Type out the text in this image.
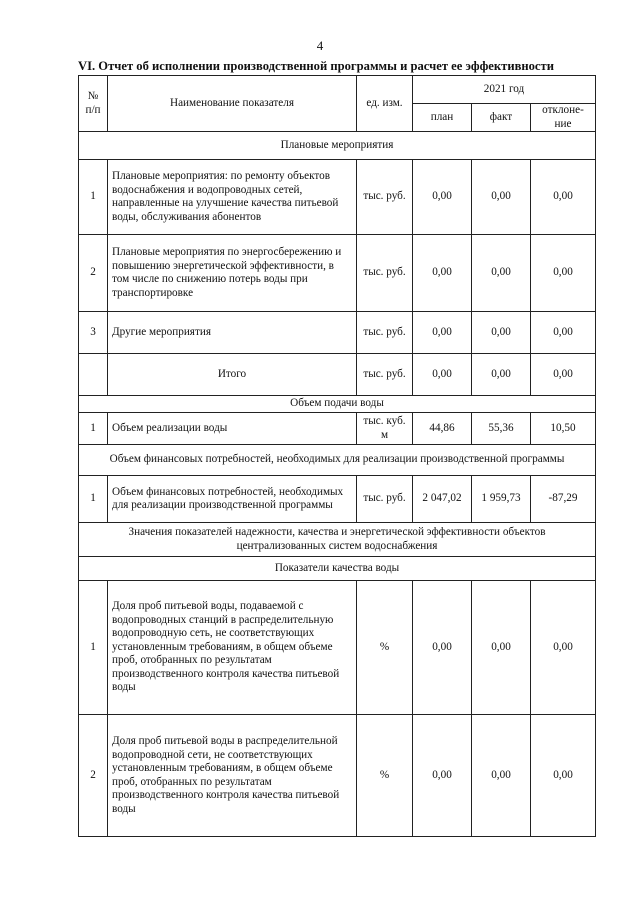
4
VI. Отчет об исполнении производственной программы и расчет ее эффективности
№ п/п	Наименование показателя	ед. изм.	2021 год		
			план	факт	отклоне-ние
Плановые мероприятия					
1	Плановые мероприятия: по ремонту объектов водоснабжения и водопроводных сетей, направленные на улучшение качества питьевой воды, обслуживания абонентов	тыс. руб.	0,00	0,00	0,00
2	Плановые мероприятия по энергосбережению и повышению энергетической эффективности, в том числе по снижению потерь воды при транспортировке	тыс. руб.	0,00	0,00	0,00
3	Другие мероприятия	тыс. руб.	0,00	0,00	0,00
	Итого	тыс. руб.	0,00	0,00	0,00
Объем подачи воды					
1	Объем реализации воды	тыс. куб. м	44,86	55,36	10,50
Объем финансовых потребностей, необходимых для реализации производственной программы					
1	Объем финансовых потребностей, необходимых для реализации производственной программы	тыс. руб.	2 047,02	1 959,73	-87,29
Значения показателей надежности, качества и энергетической эффективности объектов централизованных систем водоснабжения					
Показатели качества воды					
1	Доля проб питьевой воды, подаваемой с водопроводных станций в распределительную водопроводную сеть, не соответствующих установленным требованиям, в общем объеме проб, отобранных по результатам производственного контроля качества питьевой воды	%	0,00	0,00	0,00
2	Доля проб питьевой воды в распределительной водопроводной сети, не соответствующих установленным требованиям, в общем объеме проб, отобранных по результатам производственного контроля качества питьевой воды	%	0,00	0,00	0,00
